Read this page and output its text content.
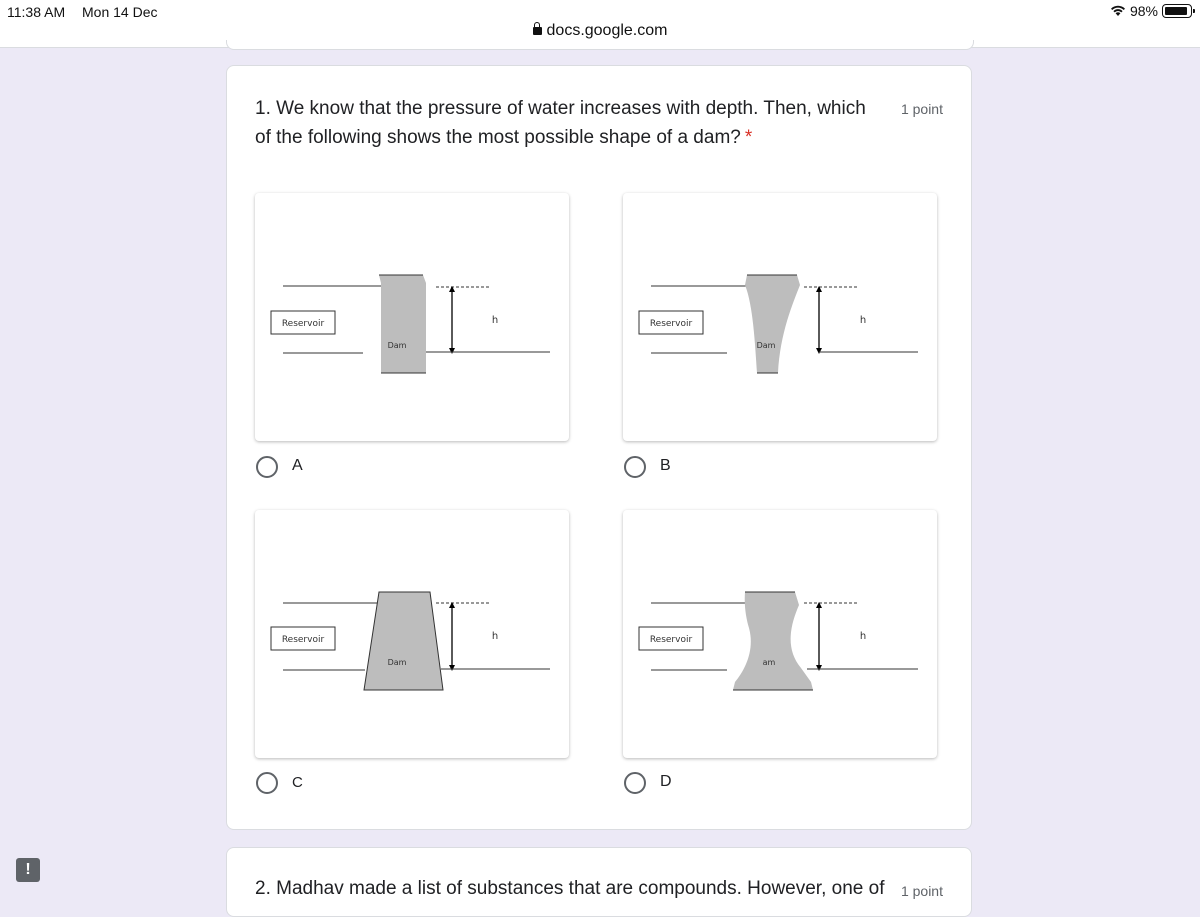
11:38 AM Mon 14 Dec	98%
docs.google.com
1. We know that the pressure of water increases with depth. Then, which of the following shows the most possible shape of a dam? *
1 point
Reservoir
Dam
h
A
Reservoir
Dam
h
B
Reservoir
Dam
h
C
Reservoir
am
h
D
2. Madhav made a list of substances that are compounds. However, one of 1 point
!
